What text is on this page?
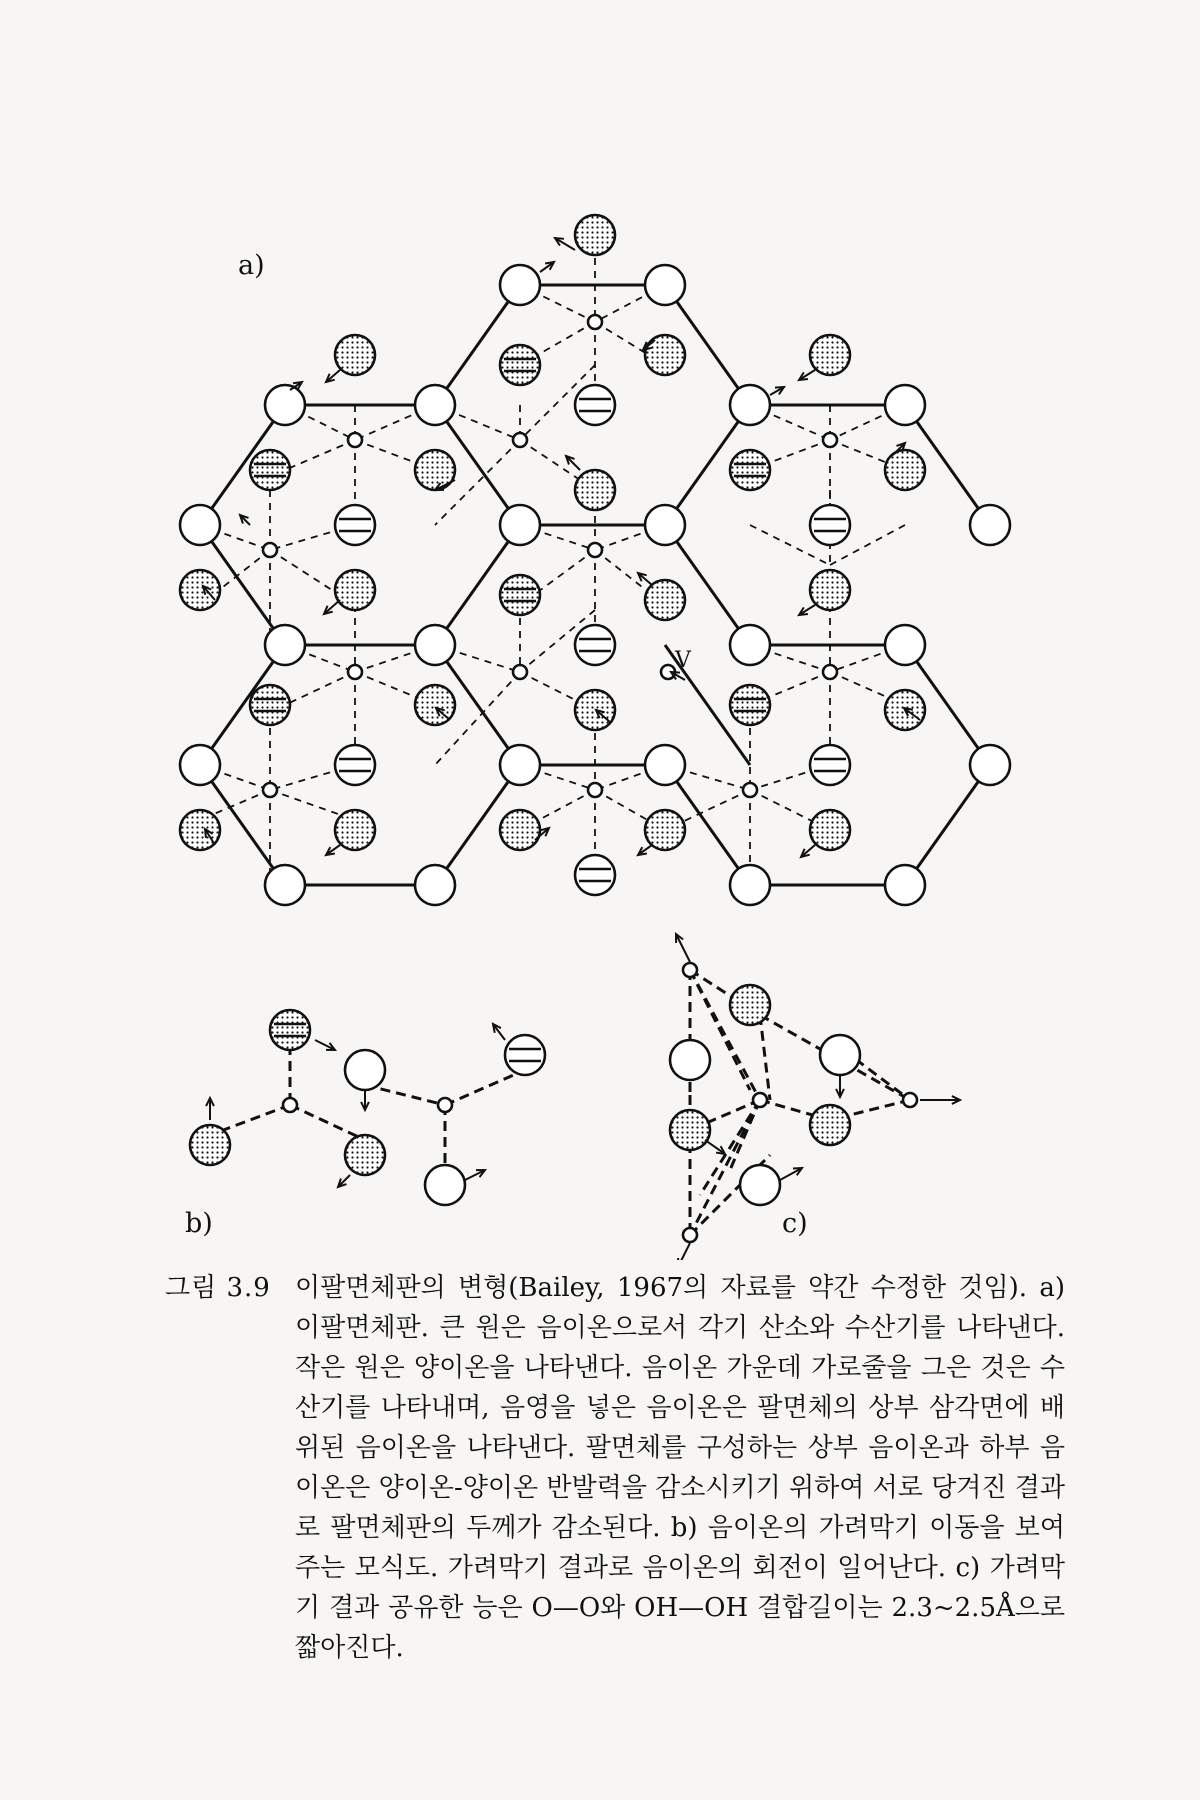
a)
b)	c)
V
그림 3.9 이팔면체판의 변형(Bailey, 1967의 자료를 약간 수정한 것임). a) 이팔면체판. 큰 원은 음이온으로서 각기 산소와 수산기를 나타낸다. 작은 원은 양이온을 나타낸다. 음이온 가운데 가로줄을 그은 것은 수산기를 나타내며, 음영을 넣은 음이온은 팔면체의 상부 삼각면에 배위된 음이온을 나타낸다. 팔면체를 구성하는 상부 음이온과 하부 음이온은 양이온-양이온 반발력을 감소시키기 위하여 서로 당겨진 결과로 팔면체판의 두께가 감소된다. b) 음이온의 가려막기 이동을 보여주는 모식도. 가려막기 결과로 음이온의 회전이 일어난다. c) 가려막기 결과 공유한 능은 O—O와 OH—OH 결합길이는 2.3~2.5Å으로 짧아진다.
